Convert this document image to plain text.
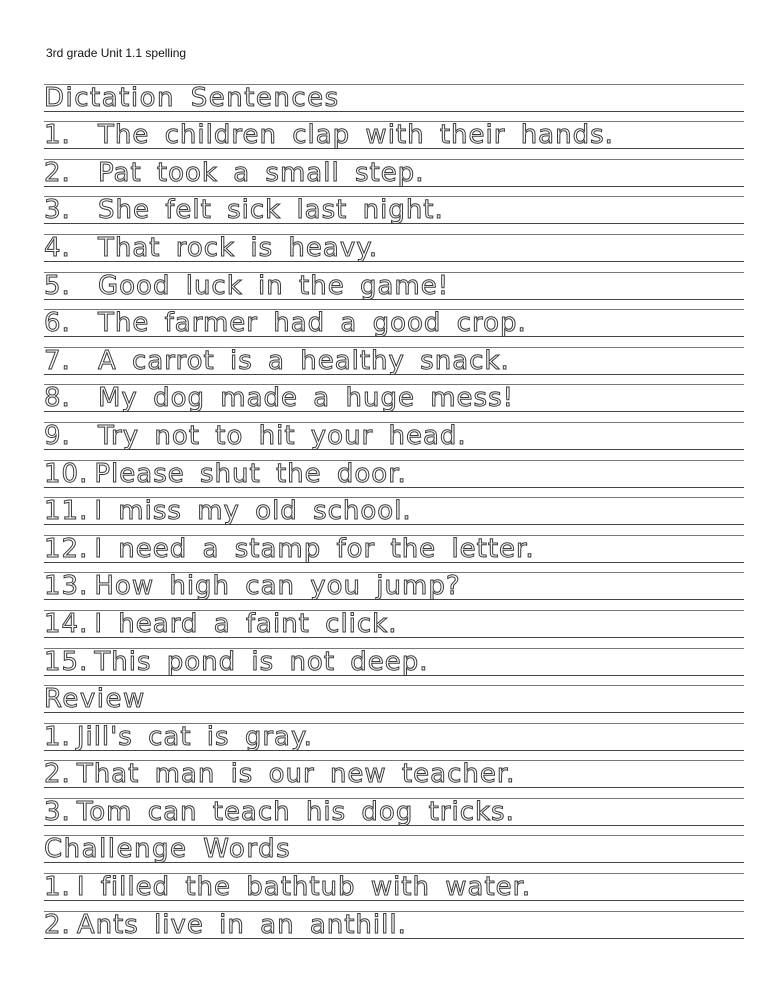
3rd grade Unit 1.1 spelling
Dictation Sentences
1. The children clap with their hands.
2. Pat took a small step.
3. She felt sick last night.
4. That rock is heavy.
5. Good luck in the game!
6. The farmer had a good crop.
7. A carrot is a healthy snack.
8. My dog made a huge mess!
9. Try not to hit your head.
10. Please shut the door.
11. I miss my old school.
12. I need a stamp for the letter.
13. How high can you jump?
14. I heard a faint click.
15. This pond is not deep.
Review
1. Jill's cat is gray.
2. That man is our new teacher.
3. Tom can teach his dog tricks.
Challenge Words
1. I filled the bathtub with water.
2. Ants live in an anthill.
